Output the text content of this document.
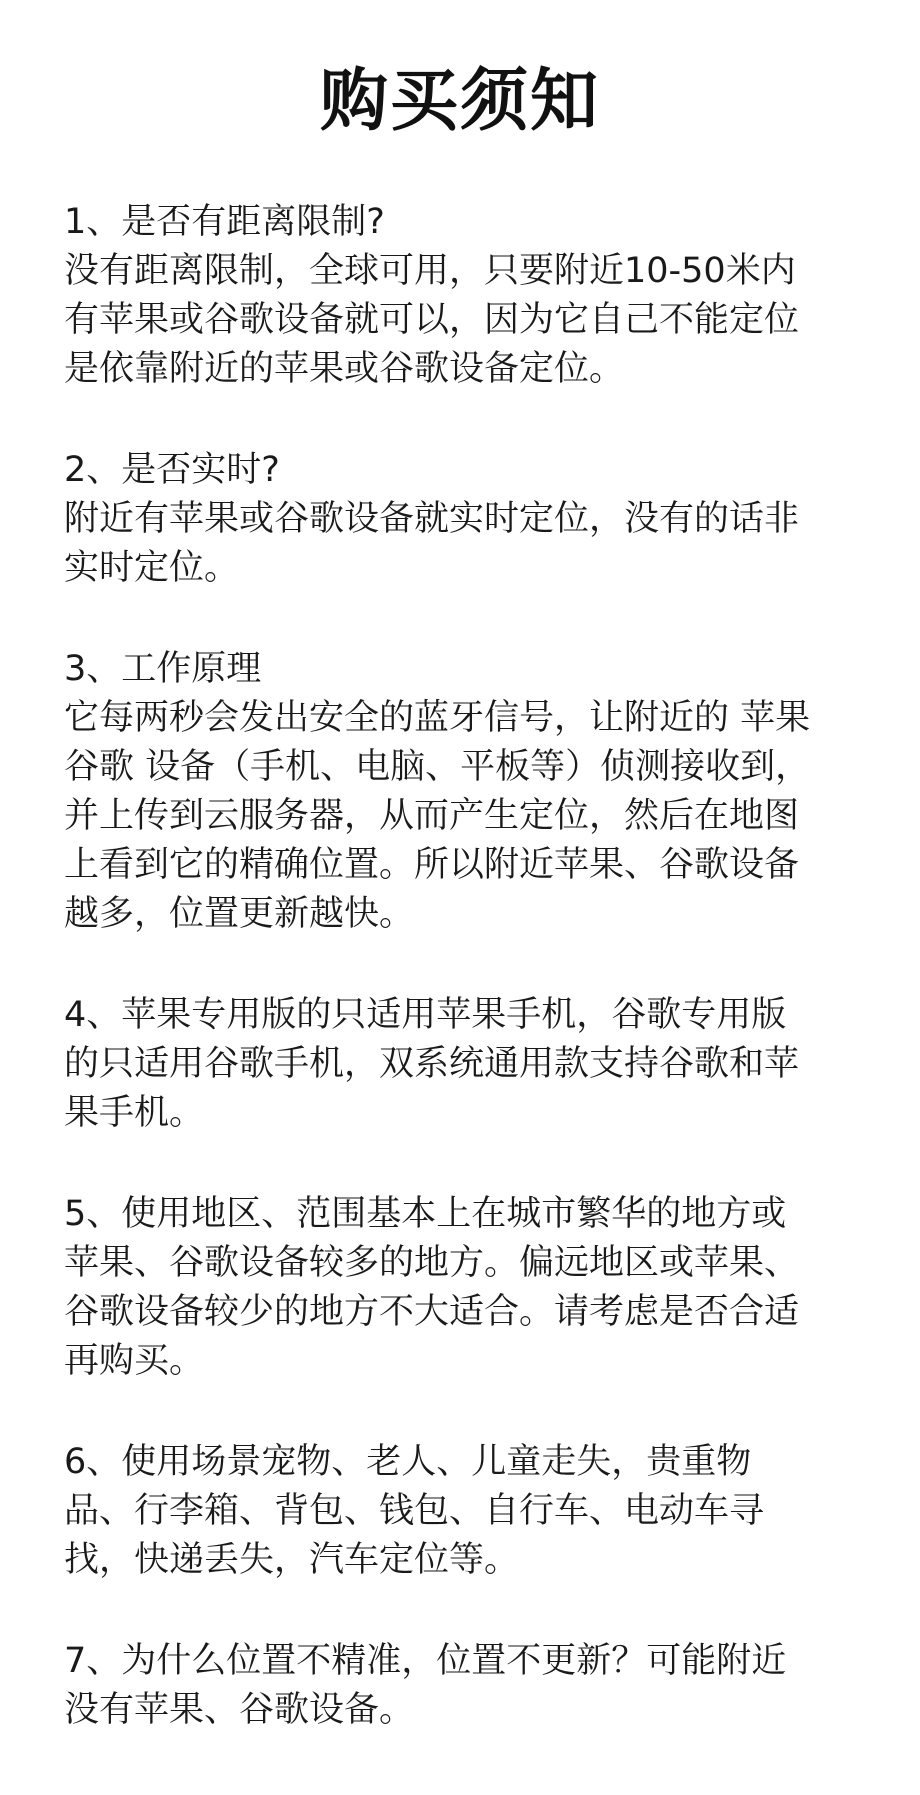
购买须知
1、是否有距离限制?
没有距离限制，全球可用，只要附近10-50米内
有苹果或谷歌设备就可以，因为它自己不能定位
是依靠附近的苹果或谷歌设备定位。
2、是否实时?
附近有苹果或谷歌设备就实时定位，没有的话非
实时定位。
3、工作原理
它每两秒会发出安全的蓝牙信号，让附近的 苹果
谷歌 设备（手机、电脑、平板等）侦测接收到，
并上传到云服务器，从而产生定位，然后在地图
上看到它的精确位置。所以附近苹果、谷歌设备
越多，位置更新越快。
4、苹果专用版的只适用苹果手机，谷歌专用版
的只适用谷歌手机，双系统通用款支持谷歌和苹
果手机。
5、使用地区、范围基本上在城市繁华的地方或
苹果、谷歌设备较多的地方。偏远地区或苹果、
谷歌设备较少的地方不大适合。请考虑是否合适
再购买。
6、使用场景宠物、老人、儿童走失，贵重物
品、行李箱、背包、钱包、自行车、电动车寻
找，快递丢失，汽车定位等。
7、为什么位置不精准，位置不更新？可能附近
没有苹果、谷歌设备。
